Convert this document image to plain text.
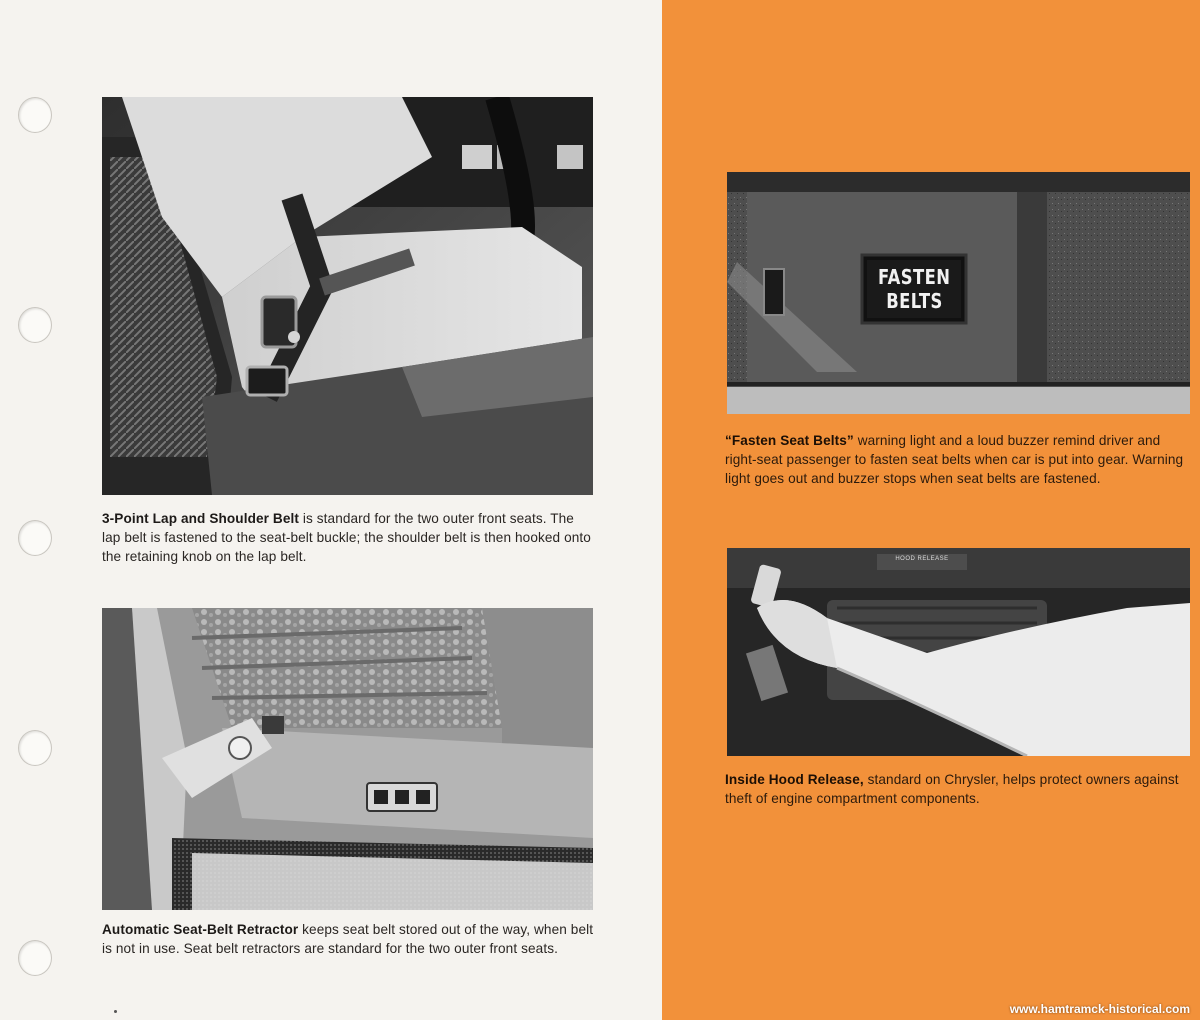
3-Point Lap and Shoulder Belt is standard for the two outer front seats. The lap belt is fastened to the seat-belt buckle; the shoulder belt is then hooked onto the retaining knob on the lap belt.
Automatic Seat-Belt Retractor keeps seat belt stored out of the way, when belt is not in use. Seat belt retractors are standard for the two outer front seats.
FASTEN
BELTS
“Fasten Seat Belts” warning light and a loud buzzer remind driver and right-seat passenger to fasten seat belts when car is put into gear. Warning light goes out and buzzer stops when seat belts are fastened.
HOOD RELEASE
Inside Hood Release, standard on Chrysler, helps protect owners against theft of engine compartment components.
www.hamtramck-historical.com
